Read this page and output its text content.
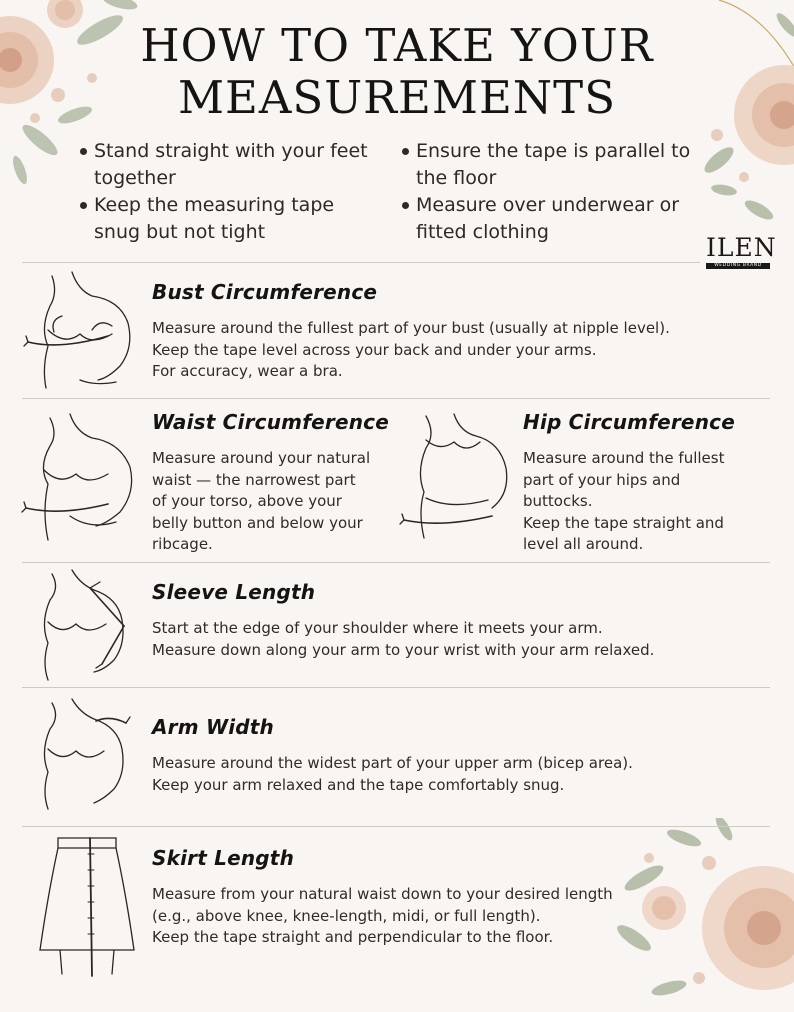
HOW TO TAKE YOUR
MEASUREMENTS
Stand straight with your feet
together
Keep the measuring tape
snug but not tight
Ensure the tape is parallel to
the floor
Measure over underwear or
fitted clothing
ILEN
WEDDING BRAND
Bust Circumference
Measure around the fullest part of your bust (usually at nipple level).
Keep the tape level across your back and under your arms.
For accuracy, wear a bra.
Waist Circumference
Measure around your natural
waist — the narrowest part
of your torso, above your
belly button and below your
ribcage.
Hip Circumference
Measure around the fullest
part of your hips and
buttocks.
Keep the tape straight and
level all around.
Sleeve Length
Start at the edge of your shoulder where it meets your arm.
Measure down along your arm to your wrist with your arm relaxed.
Arm Width
Measure around the widest part of your upper arm (bicep area).
Keep your arm relaxed and the tape comfortably snug.
Skirt Length
Measure from your natural waist down to your desired length
(e.g., above knee, knee-length, midi, or full length).
Keep the tape straight and perpendicular to the floor.
